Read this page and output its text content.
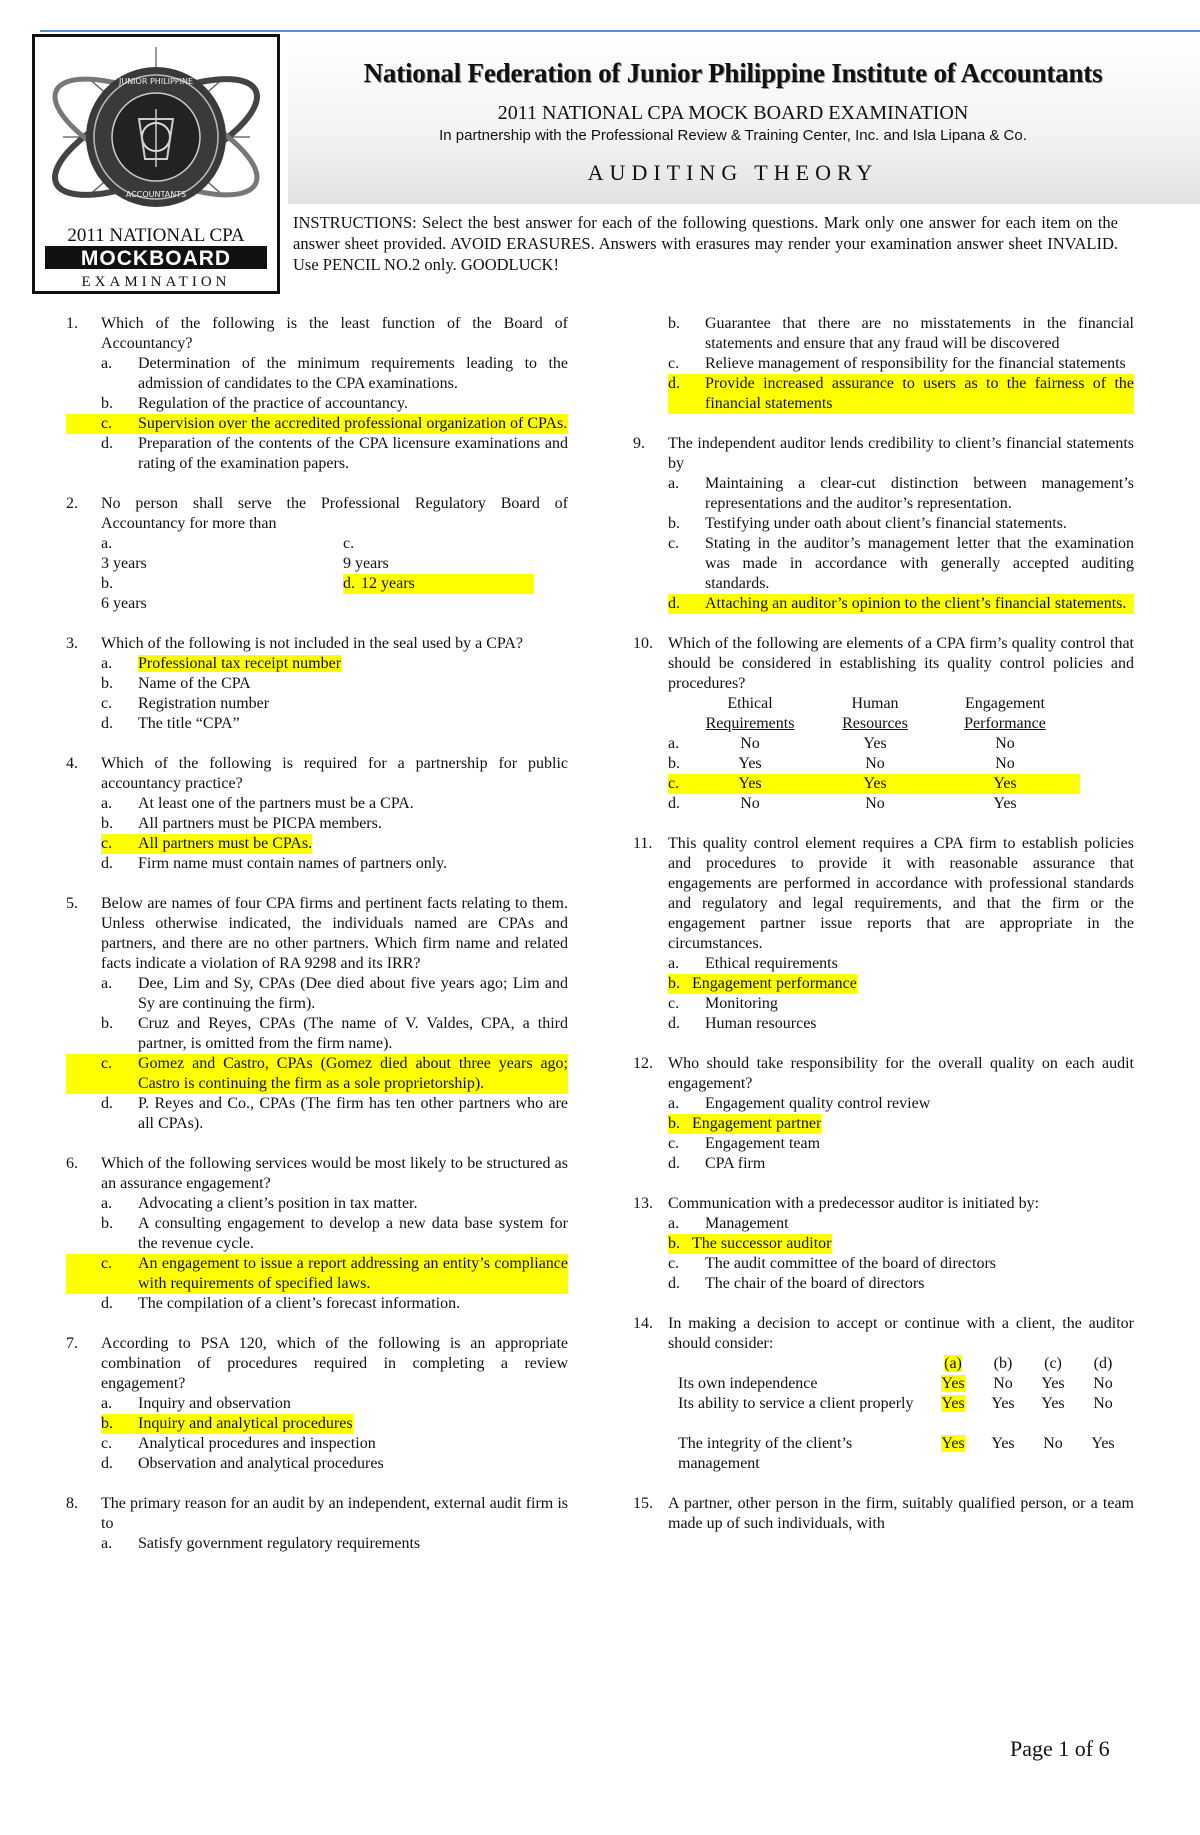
JUNIOR PHILIPPINE
ACCOUNTANTS
2011 NATIONAL CPA
MOCKBOARD
EXAMINATION
National Federation of Junior Philippine Institute of Accountants
2011 NATIONAL CPA MOCK BOARD EXAMINATION
In partnership with the Professional Review & Training Center, Inc. and Isla Lipana & Co.
AUDITING THEORY
INSTRUCTIONS: Select the best answer for each of the following questions. Mark only one answer for each item on the answer sheet provided. AVOID ERASURES. Answers with erasures may render your examination answer sheet INVALID. Use PENCIL NO.2 only. GOODLUCK!
1.	Which of the following is the least function of the Board of Accountancy?
a.	Determination of the minimum requirements leading to the admission of candidates to the CPA examinations.
b.	Regulation of the practice of accountancy.
c.	Supervision over the accredited professional organization of CPAs.
d.	Preparation of the contents of the CPA licensure examinations and rating of the examination papers.
2.	No person shall serve the Professional Regulatory Board of Accountancy for more than
a.
3 years
c.
9 years
b.
6 years
d. 12 years
3.	Which of the following is not included in the seal used by a CPA?
a.	Professional tax receipt number
b.	Name of the CPA
c.	Registration number
d.	The title “CPA”
4.	Which of the following is required for a partnership for public accountancy practice?
a.	At least one of the partners must be a CPA.
b.	All partners must be PICPA members.
c.	All partners must be CPAs.
d.	Firm name must contain names of partners only.
5.	Below are names of four CPA firms and pertinent facts relating to them. Unless otherwise indicated, the individuals named are CPAs and partners, and there are no other partners. Which firm name and related facts indicate a violation of RA 9298 and its IRR?
a.	Dee, Lim and Sy, CPAs (Dee died about five years ago; Lim and Sy are continuing the firm).
b.	Cruz and Reyes, CPAs (The name of V. Valdes, CPA, a third partner, is omitted from the firm name).
c.	Gomez and Castro, CPAs (Gomez died about three years ago; Castro is continuing the firm as a sole proprietorship).
d.	P. Reyes and Co., CPAs (The firm has ten other partners who are all CPAs).
6.	Which of the following services would be most likely to be structured as an assurance engagement?
a.	Advocating a client’s position in tax matter.
b.	A consulting engagement to develop a new data base system for the revenue cycle.
c.	An engagement to issue a report addressing an entity’s compliance with requirements of specified laws.
d.	The compilation of a client’s forecast information.
7.	According to PSA 120, which of the following is an appropriate combination of procedures required in completing a review engagement?
a.	Inquiry and observation
b.	Inquiry and analytical procedures
c.	Analytical procedures and inspection
d.	Observation and analytical procedures
8.	The primary reason for an audit by an independent, external audit firm is to
a.	Satisfy government regulatory requirements
b.	Guarantee that there are no misstatements in the financial statements and ensure that any fraud will be discovered
c.	Relieve management of responsibility for the financial statements
d.	Provide increased assurance to users as to the fairness of the financial statements
9.	The independent auditor lends credibility to client’s financial statements by
a.	Maintaining a clear-cut distinction between management’s representations and the auditor’s representation.
b.	Testifying under oath about client’s financial statements.
c.	Stating in the auditor’s management letter that the examination was made in accordance with generally accepted auditing standards.
d.	Attaching an auditor’s opinion to the client’s financial statements.
10. Which of the following are elements of a CPA firm’s quality control that should be considered in establishing its quality control policies and procedures?
	Ethical	Human	Engagement
	Requirements	Resources	Performance
a.	No	Yes	No
b.	Yes	No	No
c.	Yes	Yes	Yes
d.	No	No	Yes
11. This quality control element requires a CPA firm to establish policies and procedures to provide it with reasonable assurance that engagements are performed in accordance with professional standards and regulatory and legal requirements, and that the firm or the engagement partner issue reports that are appropriate in the circumstances.
a.	Ethical requirements
b. Engagement performance
c.	Monitoring
d.	Human resources
12. Who should take responsibility for the overall quality on each audit engagement?
a.	Engagement quality control review
b. Engagement partner
c.	Engagement team
d.	CPA firm
13. Communication with a predecessor auditor is initiated by:
a.	Management
b. The successor auditor
c.	The audit committee of the board of directors
d.	The chair of the board of directors
14. In making a decision to accept or continue with a client, the auditor should consider:
	(a)	(b)	(c)	(d)
Its own independence	Yes	No	Yes	No
Its ability to service a client properly	Yes	Yes	Yes	No
The integrity of the client’s management	Yes	Yes	No	Yes
15. A partner, other person in the firm, suitably qualified person, or a team made up of such individuals, with
Page 1 of 6
